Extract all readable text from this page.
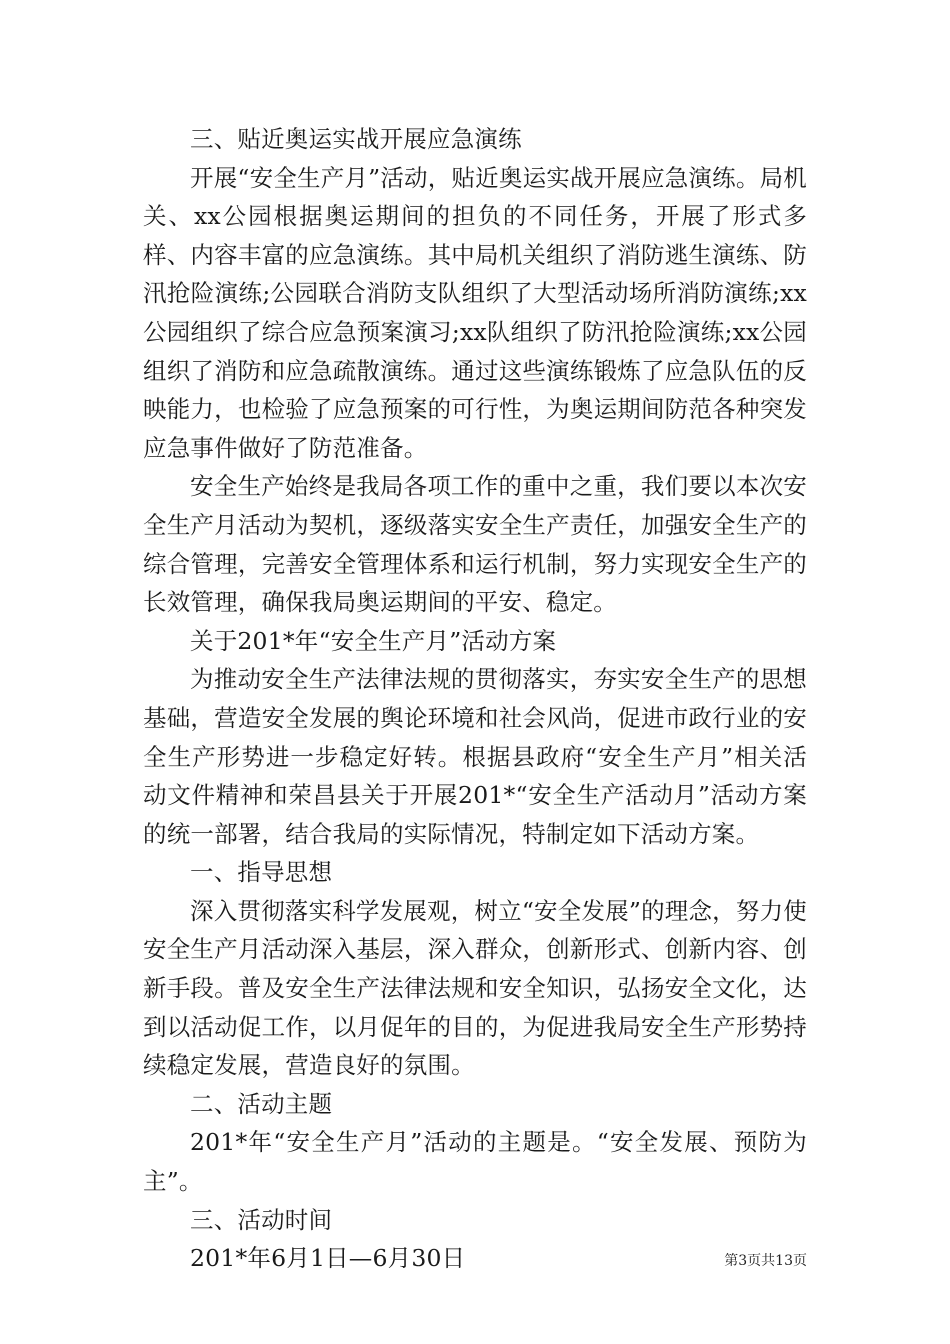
三、贴近奥运实战开展应急演练

开展“安全生产月”活动，贴近奥运实战开展应急演练。局机关、xx公园根据奥运期间的担负的不同任务，开展了形式多样、内容丰富的应急演练。其中局机关组织了消防逃生演练、防汛抢险演练;公园联合消防支队组织了大型活动场所消防演练;xx公园组织了综合应急预案演习;xx队组织了防汛抢险演练;xx公园组织了消防和应急疏散演练。通过这些演练锻炼了应急队伍的反映能力，也检验了应急预案的可行性，为奥运期间防范各种突发应急事件做好了防范准备。

安全生产始终是我局各项工作的重中之重，我们要以本次安全生产月活动为契机，逐级落实安全生产责任，加强安全生产的综合管理，完善安全管理体系和运行机制，努力实现安全生产的长效管理，确保我局奥运期间的平安、稳定。

关于201*年“安全生产月”活动方案

为推动安全生产法律法规的贯彻落实，夯实安全生产的思想基础，营造安全发展的舆论环境和社会风尚，促进市政行业的安全生产形势进一步稳定好转。根据县政府“安全生产月”相关活动文件精神和荣昌县关于开展201*“安全生产活动月”活动方案的统一部署，结合我局的实际情况，特制定如下活动方案。

一、指导思想

深入贯彻落实科学发展观，树立“安全发展”的理念，努力使安全生产月活动深入基层，深入群众，创新形式、创新内容、创新手段。普及安全生产法律法规和安全知识，弘扬安全文化，达到以活动促工作，以月促年的目的，为促进我局安全生产形势持续稳定发展，营造良好的氛围。

二、活动主题

201*年“安全生产月”活动的主题是。“安全发展、预防为主”。

三、活动时间

201*年6月1日—6月30日	第3页共13页
